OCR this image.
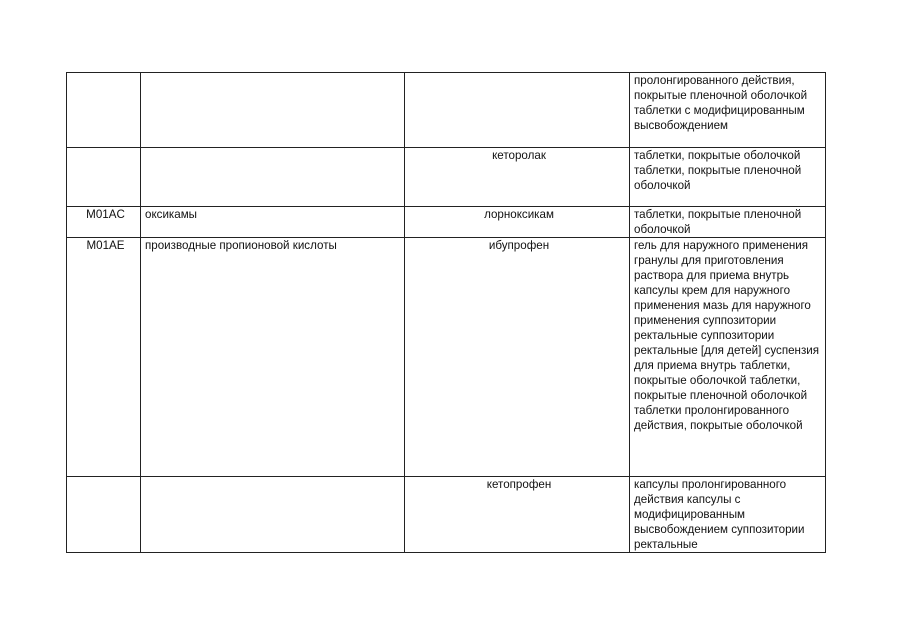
			пролонгированного действия, покрытые пленочной оболочкой таблетки с модифицированным высвобождением
		кеторолак	таблетки, покрытые оболочкой таблетки, покрытые пленочной оболочкой
M01AC	оксикамы	лорноксикам	таблетки, покрытые пленочной оболочкой
M01AE	производные пропионовой кислоты	ибупрофен	гель для наружного применения гранулы для приготовления раствора для приема внутрь капсулы крем для наружного применения мазь для наружного применения суппозитории ректальные суппозитории ректальные [для детей] суспензия для приема внутрь таблетки, покрытые оболочкой таблетки, покрытые пленочной оболочкой таблетки пролонгированного действия, покрытые оболочкой
		кетопрофен	капсулы пролонгированного действия капсулы с модифицированным высвобождением суппозитории ректальные
